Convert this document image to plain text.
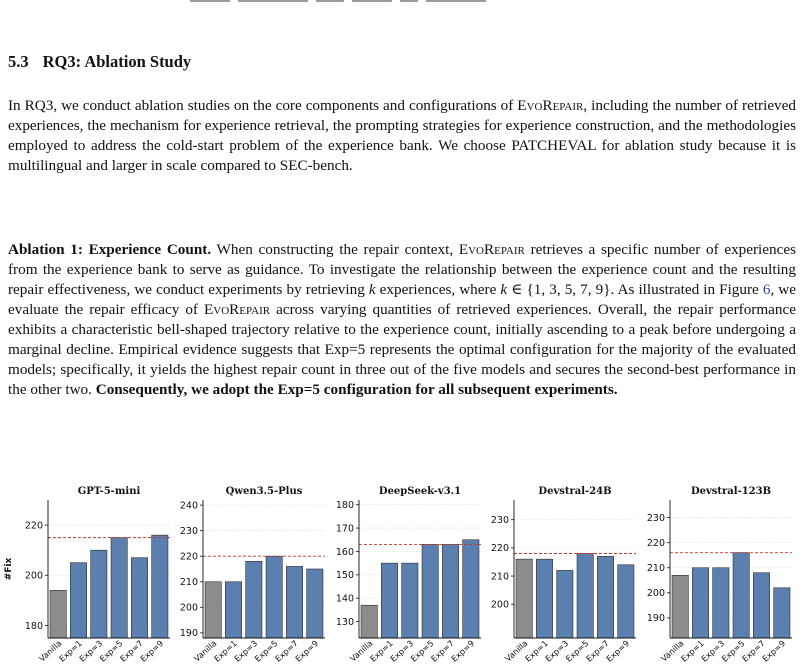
5.3 RQ3: Ablation Study

In RQ3, we conduct ablation studies on the core components and configurations of EvoRepair, including the number of retrieved experiences, the mechanism for experience retrieval, the prompting strategies for experience construction, and the methodologies employed to address the cold-start problem of the experience bank. We choose PATCHEVAL for ablation study because it is multilingual and larger in scale compared to SEC-bench.

Ablation 1: Experience Count. When constructing the repair context, EvoRepair retrieves a specific number of experiences from the experience bank to serve as guidance. To investigate the relationship between the experience count and the resulting repair effectiveness, we conduct experiments by retrieving k experiences, where k ∈ {1, 3, 5, 7, 9}. As illustrated in Figure 6, we evaluate the repair efficacy of EvoRepair across varying quantities of retrieved experiences. Overall, the repair performance exhibits a characteristic bell-shaped trajectory relative to the experience count, initially ascending to a peak before undergoing a marginal decline. Empirical evidence suggests that Exp=5 represents the optimal configuration for the majority of the evaluated models; specifically, it yields the highest repair count in three out of the five models and secures the second-best performance in the other two. Consequently, we adopt the Exp=5 configuration for all subsequent experiments.

Vanilla
Exp=1
Exp=3
Exp=5
Exp=7
Exp=9
180
200
220
GPT-5-mini
#Fix
Vanilla
Exp=1
Exp=3
Exp=5
Exp=7
Exp=9
190
200
210
220
230
240
Qwen3.5-Plus
Vanilla
Exp=1
Exp=3
Exp=5
Exp=7
Exp=9
130
140
150
160
170
180
DeepSeek-v3.1
Vanilla
Exp=1
Exp=3
Exp=5
Exp=7
Exp=9
200
210
220
230
Devstral-24B
Vanilla
Exp=1
Exp=3
Exp=5
Exp=7
Exp=9
190
200
210
220
230
Devstral-123B
